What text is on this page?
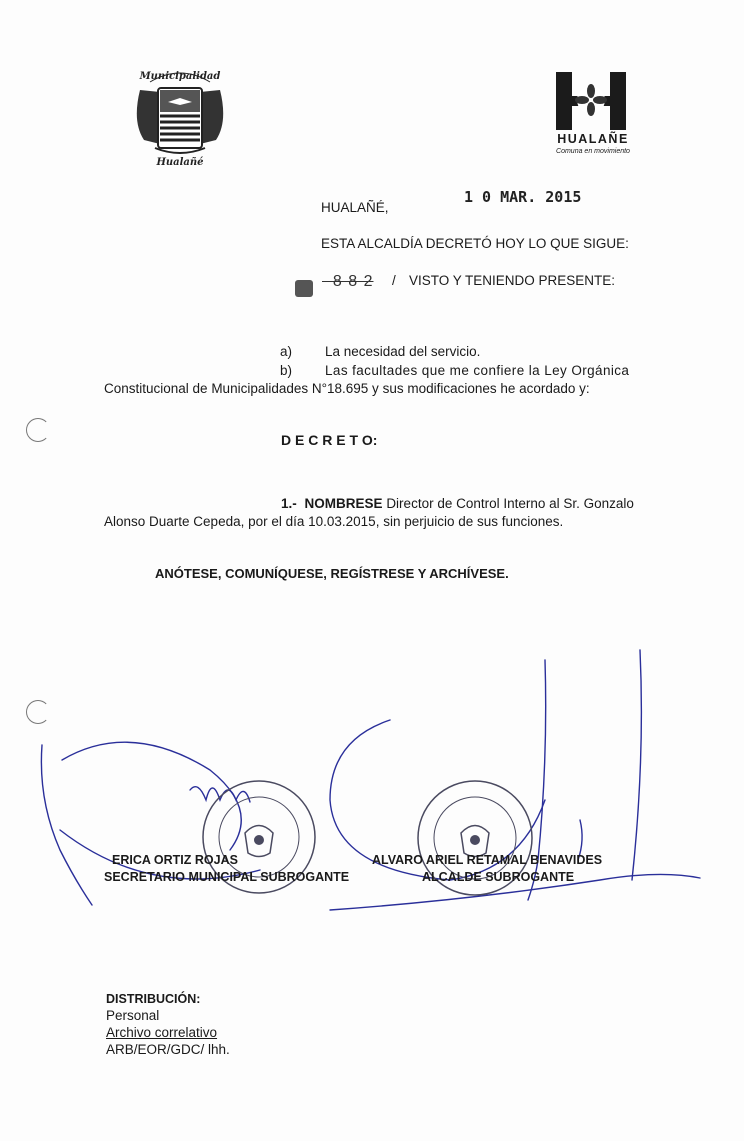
Municipalidad
Hualañé
HUALAÑE
Comuna en movimiento
HUALAÑÉ,
1 0 MAR. 2015
ESTA ALCALDÍA DECRETÓ HOY LO QUE SIGUE:
8 8 2 / VISTO Y TENIENDO PRESENTE:
a) La necesidad del servicio.
b) Las facultades que me confiere la Ley Orgánica
Constitucional de Municipalidades N°18.695 y sus modificaciones he acordado y:
D E C R E T O:
1.- NOMBRESE Director de Control Interno al Sr. Gonzalo
Alonso Duarte Cepeda, por el día 10.03.2015, sin perjuicio de sus funciones.
ANÓTESE, COMUNÍQUESE, REGÍSTRESE Y ARCHÍVESE.
ERICA ORTIZ ROJAS
SECRETARIO MUNICIPAL SUBROGANTE
ALVARO ARIEL RETAMAL BENAVIDES
ALCALDE SUBROGANTE
DISTRIBUCIÓN:
Personal
Archivo correlativo
ARB/EOR/GDC/ lhh.
